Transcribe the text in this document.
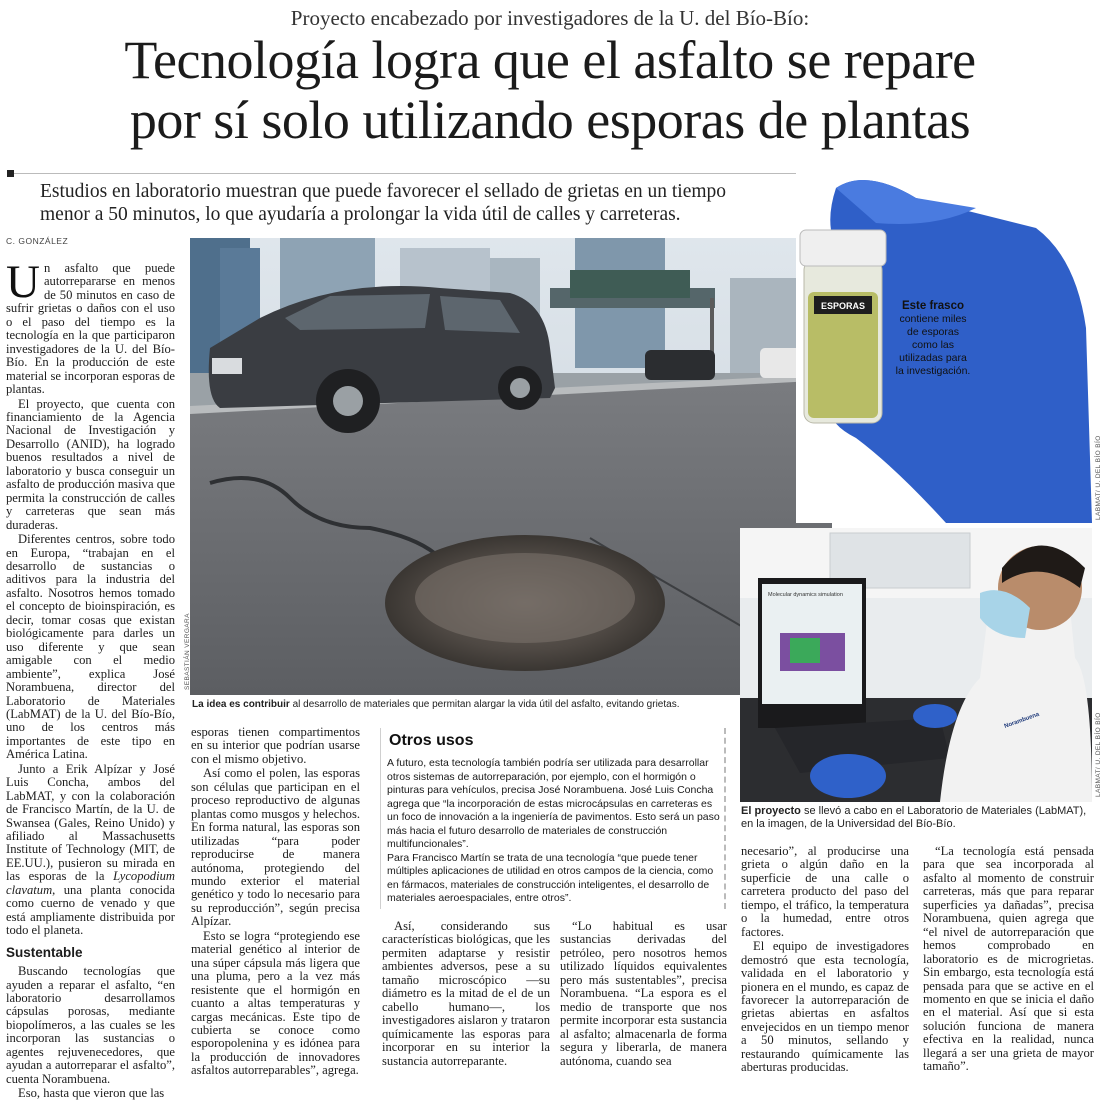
Proyecto encabezado por investigadores de la U. del Bío-Bío:
Tecnología logra que el asfalto se repare
por sí solo utilizando esporas de plantas
Estudios en laboratorio muestran que puede favorecer el sellado de grietas en un tiempo
menor a 50 minutos, lo que ayudaría a prolongar la vida útil de calles y carreteras.
C. GONZÁLEZ
SEBASTIÁN VERGARA
La idea es contribuir al desarrollo de materiales que permitan alargar la vida útil del asfalto, evitando grietas.
ESPORAS	Este frasco
contiene miles de esporas como las utilizadas para la investigación.
LABMAT/ U. DEL BÍO BÍO
Molecular dynamics simulation
Norambuena	LABMAT/ U. DEL BÍO BÍO
El proyecto se llevó a cabo en el Laboratorio de Materiales (LabMAT), en la imagen, de la Universidad del Bío-Bío.

Un asfalto que puede autorrepararse en menos de 50 minutos en caso de sufrir grietas o daños con el uso o el paso del tiempo es la tecnología en la que participaron investigadores de la U. del Bío-Bío. En la producción de este material se incorporan esporas de plantas.

El proyecto, que cuenta con financiamiento de la Agencia Nacional de Investigación y Desarrollo (ANID), ha logrado buenos resultados a nivel de laboratorio y busca conseguir un asfalto de producción masiva que permita la construcción de calles y carreteras que sean más duraderas.

Diferentes centros, sobre todo en Europa, “trabajan en el desarrollo de sustancias o aditivos para la industria del asfalto. Nosotros hemos tomado el concepto de bioinspiración, es decir, tomar cosas que existan biológicamente para darles un uso diferente y que sean amigable con el medio ambiente”, explica José Norambuena, director del Laboratorio de Materiales (LabMAT) de la U. del Bío-Bío, uno de los centros más importantes de este tipo en América Latina.

Junto a Erik Alpízar y José Luis Concha, ambos del LabMAT, y con la colaboración de Francisco Martín, de la U. de Swansea (Gales, Reino Unido) y afiliado al Massachusetts Institute of Technology (MIT, de EE.UU.), pusieron su mirada en las esporas de la Lycopodium clavatum, una planta conocida como cuerno de venado y que está ampliamente distribuida por todo el planeta.

Sustentable

Buscando tecnologías que ayuden a reparar el asfalto, “en laboratorio desarrollamos cápsulas porosas, mediante biopolímeros, a las cuales se les incorporan las sustancias o agentes rejuvenecedores, que ayudan a autorreparar el asfalto”, cuenta Norambuena.

Eso, hasta que vieron que las

esporas tienen compartimentos en su interior que podrían usarse con el mismo objetivo.

Así como el polen, las esporas son células que participan en el proceso reproductivo de algunas plantas como musgos y helechos. En forma natural, las esporas son utilizadas “para poder reproducirse de manera autónoma, protegiendo del mundo exterior el material genético y todo lo necesario para su reproducción”, según precisa Alpízar.

Esto se logra “protegiendo ese material genético al interior de una súper cápsula más ligera que una pluma, pero a la vez más resistente que el hormigón en cuanto a altas temperaturas y cargas mecánicas. Este tipo de cubierta se conoce como esporopolenina y es idónea para la producción de innovadores asfaltos autorreparables”, agrega.

Otros usos

A futuro, esta tecnología también podría ser utilizada para desarrollar otros sistemas de autorreparación, por ejemplo, con el hormigón o pinturas para vehículos, precisa José Norambuena. José Luis Concha agrega que “la incorporación de estas microcápsulas en carreteras es un foco de innovación a la ingeniería de pavimentos. Esto será un paso más hacia el futuro desarrollo de materiales de construcción multifuncionales”.

Para Francisco Martín se trata de una tecnología “que puede tener múltiples aplicaciones de utilidad en otros campos de la ciencia, como en fármacos, materiales de construcción inteligentes, el desarrollo de materiales aeroespaciales, entre otros”.

Así, considerando sus características biológicas, que les permiten adaptarse y resistir ambientes adversos, pese a su tamaño microscópico —su diámetro es la mitad de el de un cabello humano—, los investigadores aislaron y trataron químicamente las esporas para incorporar en su interior la sustancia autorreparante.

“Lo habitual es usar sustancias derivadas del petróleo, pero nosotros hemos utilizado líquidos equivalentes pero más sustentables”, precisa Norambuena. “La espora es el medio de transporte que nos permite incorporar esta sustancia al asfalto; almacenarla de forma segura y liberarla, de manera autónoma, cuando sea

necesario”, al producirse una grieta o algún daño en la superficie de una calle o carretera producto del paso del tiempo, el tráfico, la temperatura o la humedad, entre otros factores.

El equipo de investigadores demostró que esta tecnología, validada en el laboratorio y pionera en el mundo, es capaz de favorecer la autorreparación de grietas abiertas en asfaltos envejecidos en un tiempo menor a 50 minutos, sellando y restaurando químicamente las aberturas producidas.

“La tecnología está pensada para que sea incorporada al asfalto al momento de construir carreteras, más que para reparar superficies ya dañadas”, precisa Norambuena, quien agrega que “el nivel de autorreparación que hemos comprobado en laboratorio es de microgrietas. Sin embargo, esta tecnología está pensada para que se active en el momento en que se inicia el daño en el material. Así que si esta solución funciona de manera efectiva en la realidad, nunca llegará a ser una grieta de mayor tamaño”.
